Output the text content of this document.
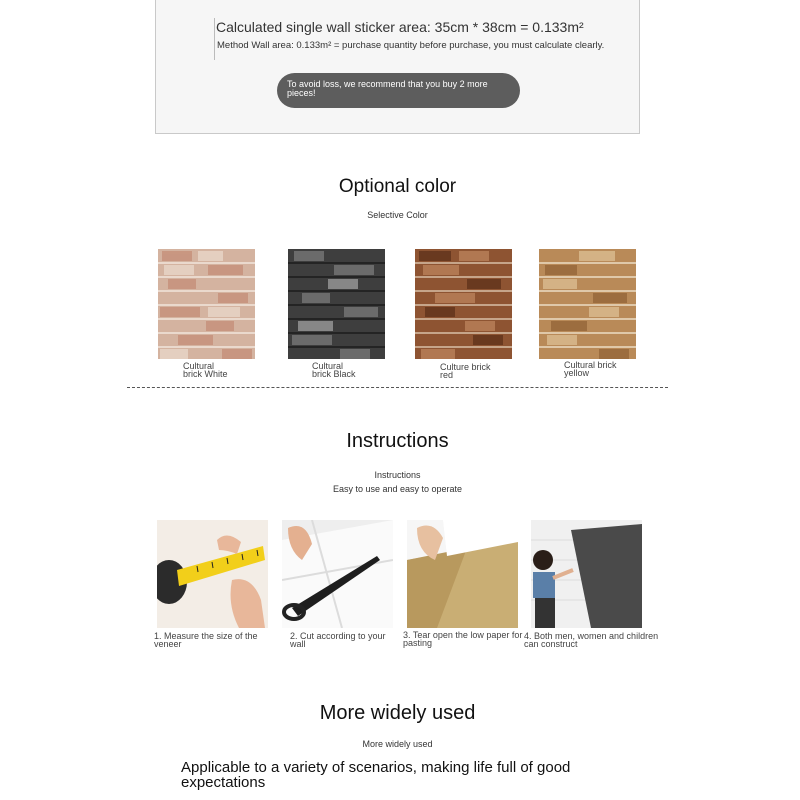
Calculated single wall sticker area: 35cm * 38cm = 0.133m²
Method Wall area: 0.133m² = purchase quantity before purchase, you must calculate clearly.
To avoid loss, we recommend that you buy 2 more pieces!
Optional color
Selective Color
Cultural
brick White
Cultural
brick Black
Culture brick
red
Cultural brick
yellow
Instructions
Instructions
Easy to use and easy to operate
1. Measure the size of the
veneer
2. Cut according to your
wall
3. Tear open the low paper for
pasting
4. Both men, women and children
can construct
More widely used
More widely used
Applicable to a variety of scenarios, making life full of good expectations
